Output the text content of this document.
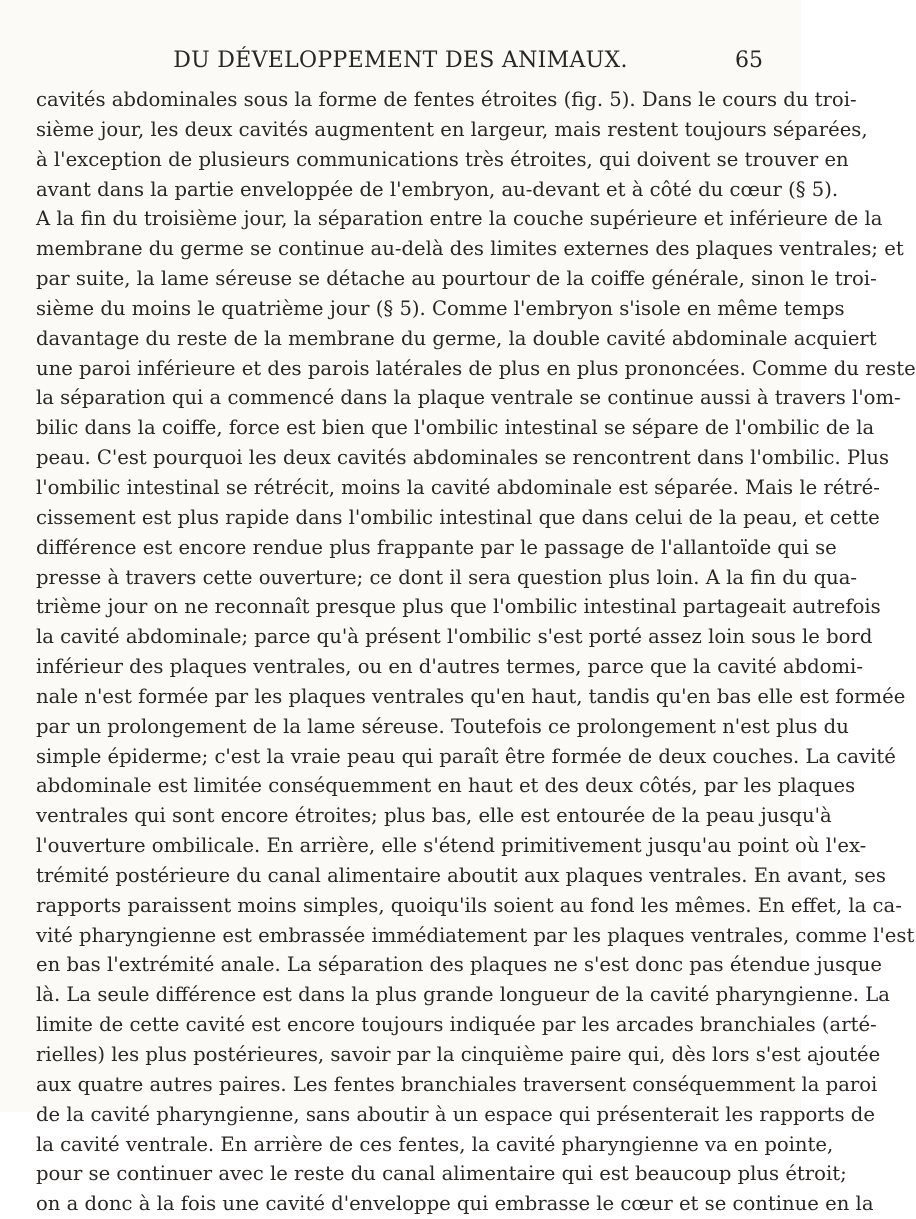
DU DÉVELOPPEMENT DES ANIMAUX.	65
cavités abdominales sous la forme de fentes étroites (fig. 5). Dans le cours du troi-
sième jour, les deux cavités augmentent en largeur, mais restent toujours séparées,
à l'exception de plusieurs communications très étroites, qui doivent se trouver en
avant dans la partie enveloppée de l'embryon, au-devant et à côté du cœur (§ 5).
A la fin du troisième jour, la séparation entre la couche supérieure et inférieure de la
membrane du germe se continue au-delà des limites externes des plaques ventrales; et
par suite, la lame séreuse se détache au pourtour de la coiffe générale, sinon le troi-
sième du moins le quatrième jour (§ 5). Comme l'embryon s'isole en même temps
davantage du reste de la membrane du germe, la double cavité abdominale acquiert
une paroi inférieure et des parois latérales de plus en plus prononcées. Comme du reste
la séparation qui a commencé dans la plaque ventrale se continue aussi à travers l'om-
bilic dans la coiffe, force est bien que l'ombilic intestinal se sépare de l'ombilic de la
peau. C'est pourquoi les deux cavités abdominales se rencontrent dans l'ombilic. Plus
l'ombilic intestinal se rétrécit, moins la cavité abdominale est séparée. Mais le rétré-
cissement est plus rapide dans l'ombilic intestinal que dans celui de la peau, et cette
différence est encore rendue plus frappante par le passage de l'allantoïde qui se
presse à travers cette ouverture; ce dont il sera question plus loin. A la fin du qua-
trième jour on ne reconnaît presque plus que l'ombilic intestinal partageait autrefois
la cavité abdominale; parce qu'à présent l'ombilic s'est porté assez loin sous le bord
inférieur des plaques ventrales, ou en d'autres termes, parce que la cavité abdomi-
nale n'est formée par les plaques ventrales qu'en haut, tandis qu'en bas elle est formée
par un prolongement de la lame séreuse. Toutefois ce prolongement n'est plus du
simple épiderme; c'est la vraie peau qui paraît être formée de deux couches. La cavité
abdominale est limitée conséquemment en haut et des deux côtés, par les plaques
ventrales qui sont encore étroites; plus bas, elle est entourée de la peau jusqu'à
l'ouverture ombilicale. En arrière, elle s'étend primitivement jusqu'au point où l'ex-
trémité postérieure du canal alimentaire aboutit aux plaques ventrales. En avant, ses
rapports paraissent moins simples, quoiqu'ils soient au fond les mêmes. En effet, la ca-
vité pharyngienne est embrassée immédiatement par les plaques ventrales, comme l'est
en bas l'extrémité anale. La séparation des plaques ne s'est donc pas étendue jusque
là. La seule différence est dans la plus grande longueur de la cavité pharyngienne. La
limite de cette cavité est encore toujours indiquée par les arcades branchiales (arté-
rielles) les plus postérieures, savoir par la cinquième paire qui, dès lors s'est ajoutée
aux quatre autres paires. Les fentes branchiales traversent conséquemment la paroi
de la cavité pharyngienne, sans aboutir à un espace qui présenterait les rapports de
la cavité ventrale. En arrière de ces fentes, la cavité pharyngienne va en pointe,
pour se continuer avec le reste du canal alimentaire qui est beaucoup plus étroit;
on a donc à la fois une cavité d'enveloppe qui embrasse le cœur et se continue en la
